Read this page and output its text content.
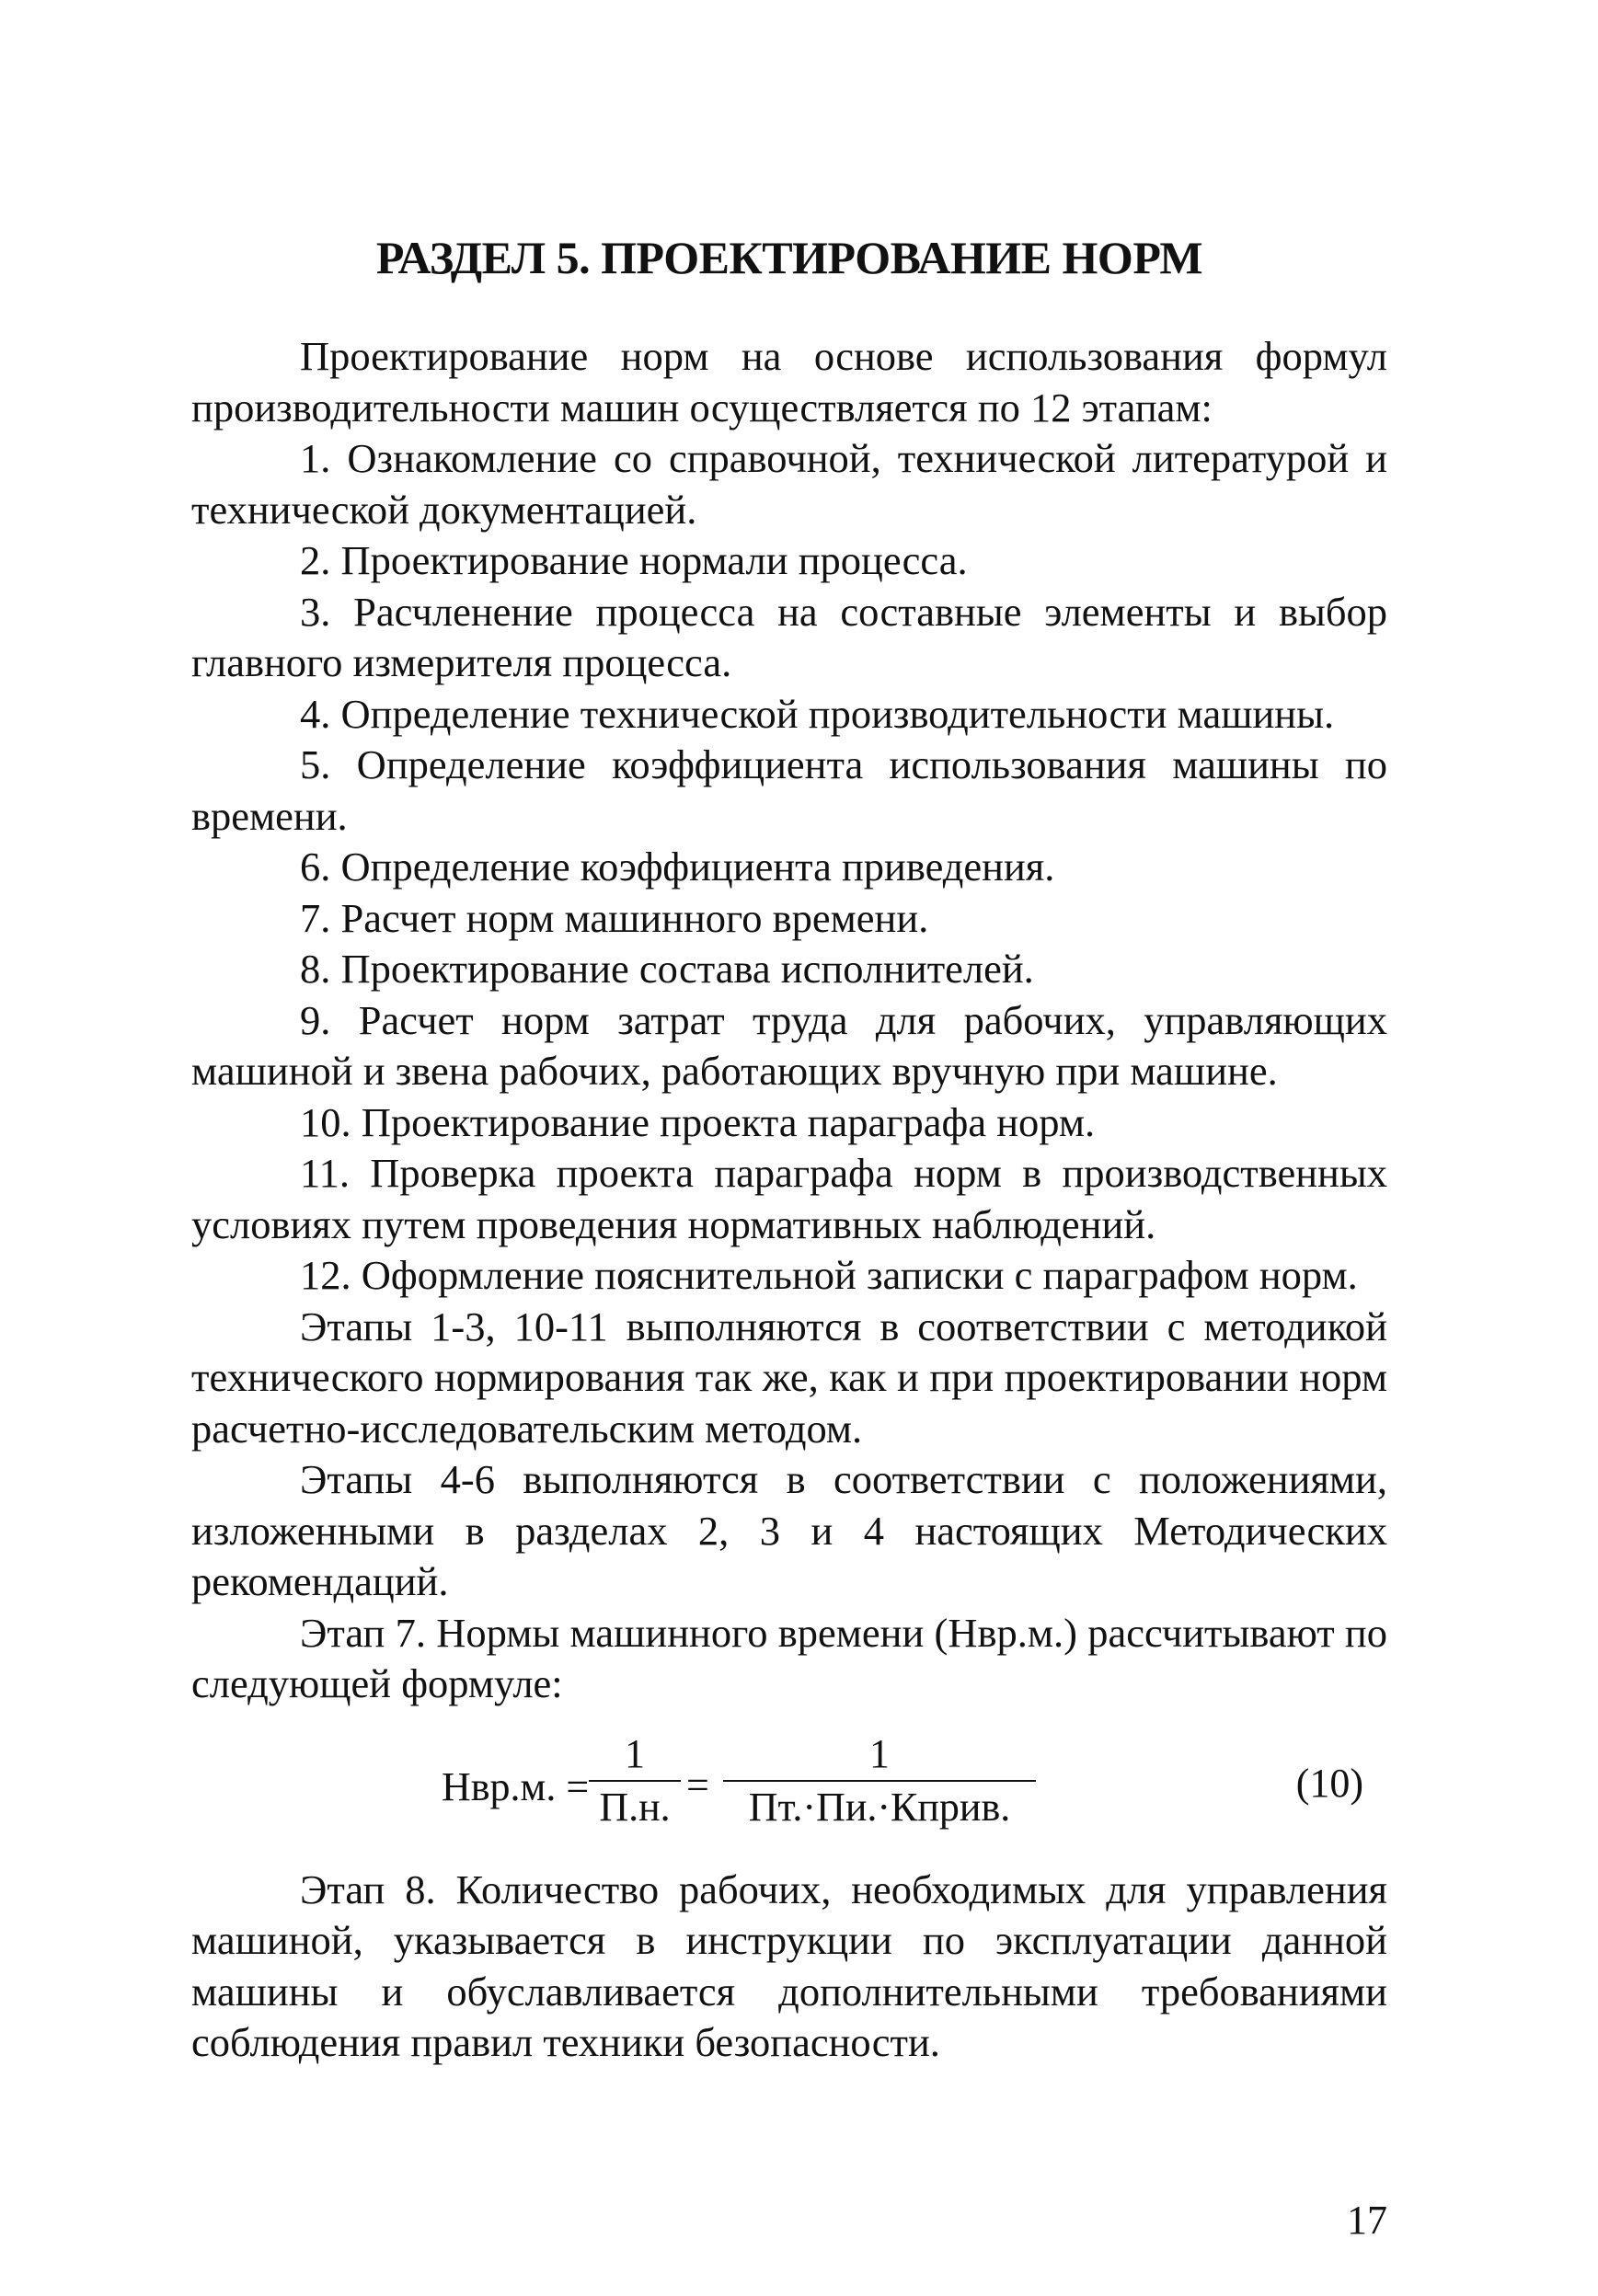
РАЗДЕЛ 5. ПРОЕКТИРОВАНИЕ НОРМ

Проектирование норм на основе использования формул производительности машин осуществляется по 12 этапам:

1. Ознакомление со справочной, технической литературой и технической документацией.

2. Проектирование нормали процесса.

3. Расчленение процесса на составные элементы и выбор главного измерителя процесса.

4. Определение технической производительности машины.

5. Определение коэффициента использования машины по времени.

6. Определение коэффициента приведения.

7. Расчет норм машинного времени.

8. Проектирование состава исполнителей.

9. Расчет норм затрат труда для рабочих, управляющих машиной и звена рабочих, работающих вручную при машине.

10. Проектирование проекта параграфа норм.

11. Проверка проекта параграфа норм в производственных условиях путем проведения нормативных наблюдений.

12. Оформление пояснительной записки с параграфом норм.

Этапы 1-3, 10-11 выполняются в соответствии с методикой технического нормирования так же, как и при проектировании норм расчетно-исследовательским методом.

Этапы 4-6 выполняются в соответствии с положениями, изложенными в разделах 2, 3 и 4 настоящих Методических рекомендаций.

Этап 7. Нормы машинного времени (Нвр.м.) рассчитывают по следующей формуле:

Нвр.м. =
1
П.н. =
1
Пт.·Пи.·Кприв.
(10)

Этап 8. Количество рабочих, необходимых для управления машиной, указывается в инструкции по эксплуатации данной машины и обуславливается дополнительными требованиями соблюдения правил техники безопасности.

17
